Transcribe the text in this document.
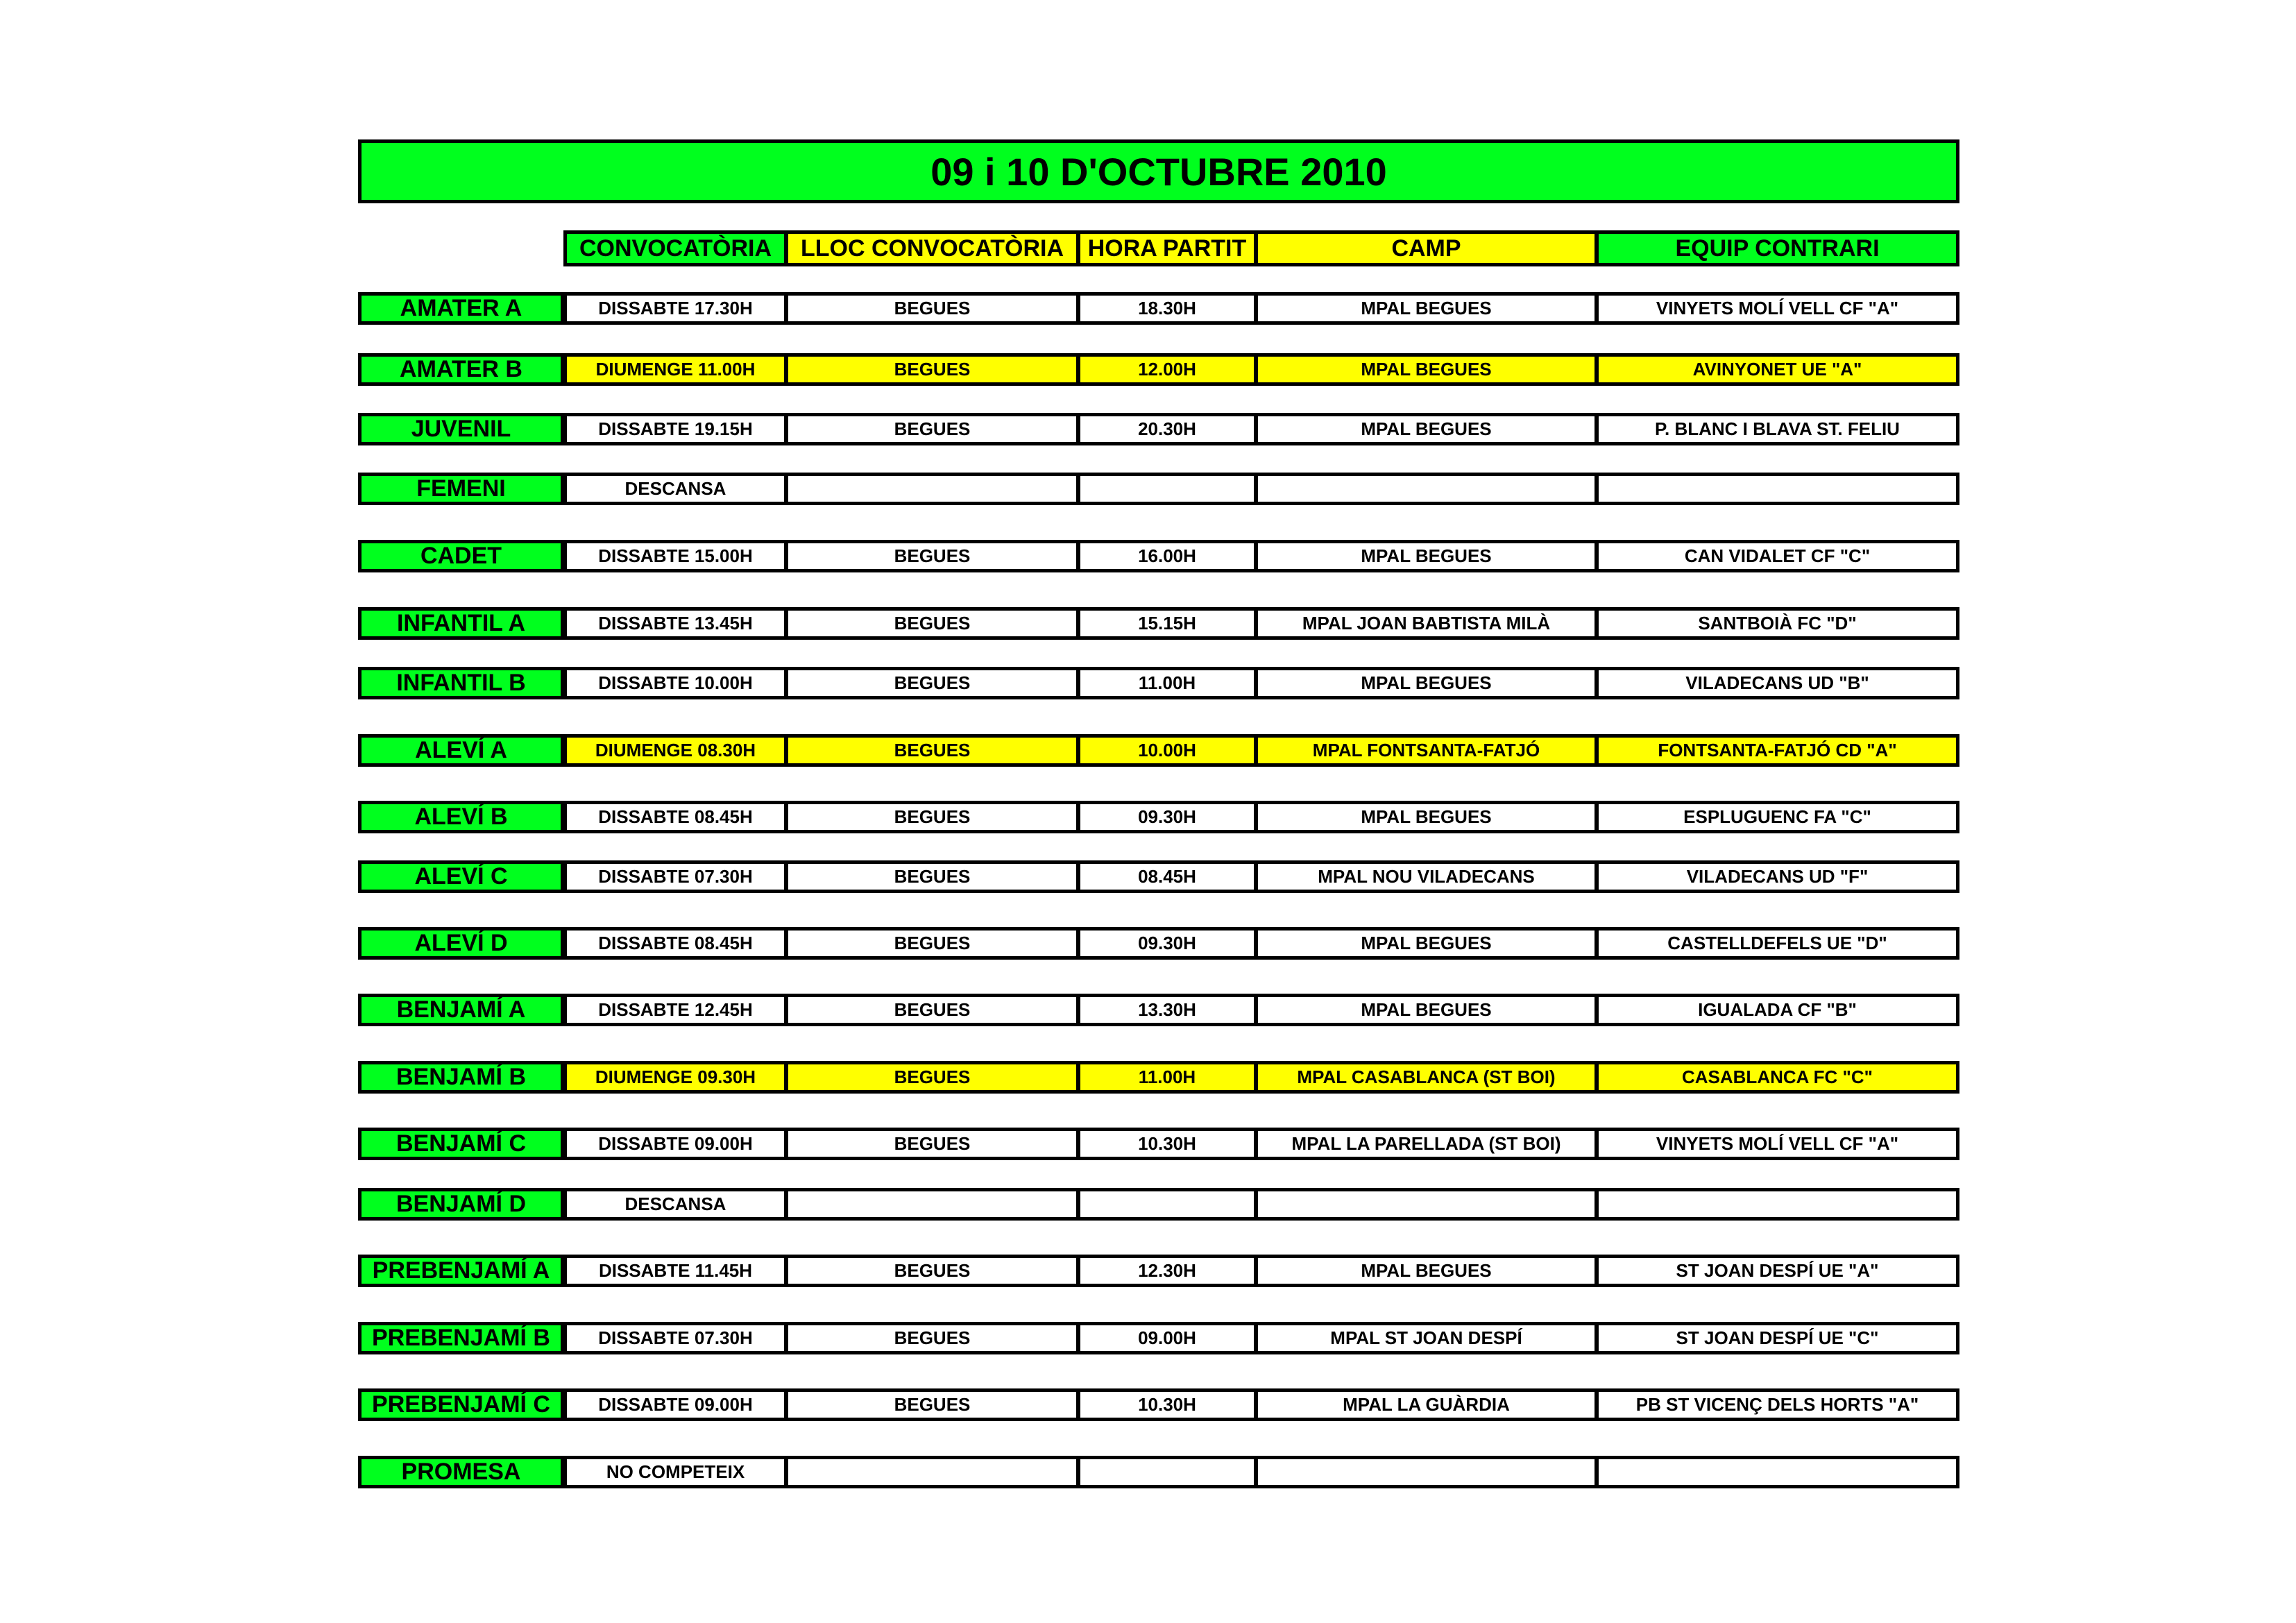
09 i 10 D'OCTUBRE 2010
CONVOCATÒRIA	LLOC CONVOCATÒRIA	HORA PARTIT	CAMP	EQUIP CONTRARI
AMATER A	DISSABTE 17.30H	BEGUES	18.30H	MPAL BEGUES	VINYETS MOLÍ VELL CF "A"
AMATER B	DIUMENGE 11.00H	BEGUES	12.00H	MPAL BEGUES	AVINYONET UE "A"
JUVENIL	DISSABTE 19.15H	BEGUES	20.30H	MPAL BEGUES	P. BLANC I BLAVA ST. FELIU
FEMENI	DESCANSA
CADET	DISSABTE 15.00H	BEGUES	16.00H	MPAL BEGUES	CAN VIDALET CF "C"
INFANTIL A	DISSABTE 13.45H	BEGUES	15.15H	MPAL JOAN BABTISTA MILÀ	SANTBOIÀ FC "D"
INFANTIL B	DISSABTE 10.00H	BEGUES	11.00H	MPAL BEGUES	VILADECANS UD "B"
ALEVÍ A	DIUMENGE 08.30H	BEGUES	10.00H	MPAL FONTSANTA-FATJÓ	FONTSANTA-FATJÓ CD "A"
ALEVÍ B	DISSABTE 08.45H	BEGUES	09.30H	MPAL BEGUES	ESPLUGUENC FA "C"
ALEVÍ C	DISSABTE 07.30H	BEGUES	08.45H	MPAL NOU VILADECANS	VILADECANS UD "F"
ALEVÍ D	DISSABTE 08.45H	BEGUES	09.30H	MPAL BEGUES	CASTELLDEFELS UE "D"
BENJAMÍ A	DISSABTE 12.45H	BEGUES	13.30H	MPAL BEGUES	IGUALADA CF "B"
BENJAMÍ B	DIUMENGE 09.30H	BEGUES	11.00H	MPAL CASABLANCA (ST BOI)	CASABLANCA FC "C"
BENJAMÍ C	DISSABTE 09.00H	BEGUES	10.30H	MPAL LA PARELLADA (ST BOI)	VINYETS MOLÍ VELL CF "A"
BENJAMÍ D	DESCANSA
PREBENJAMÍ A	DISSABTE 11.45H	BEGUES	12.30H	MPAL BEGUES	ST JOAN DESPÍ UE "A"
PREBENJAMÍ B	DISSABTE 07.30H	BEGUES	09.00H	MPAL ST JOAN DESPÍ	ST JOAN DESPÍ UE "C"
PREBENJAMÍ C	DISSABTE 09.00H	BEGUES	10.30H	MPAL LA GUÀRDIA	PB ST VICENÇ DELS HORTS "A"
PROMESA	NO COMPETEIX
